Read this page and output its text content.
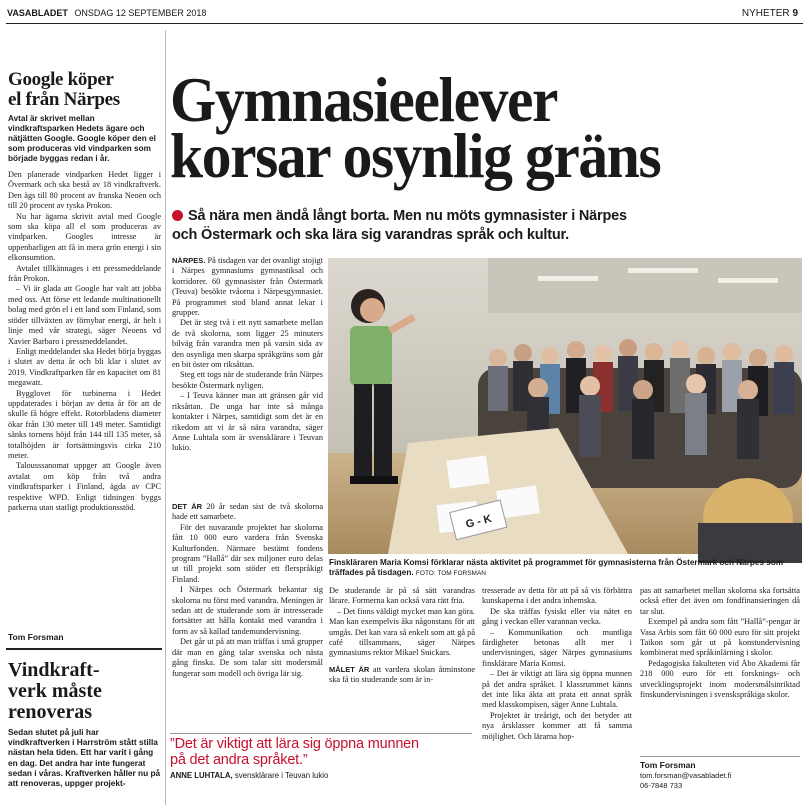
VASABLADET ONSDAG 12 SEPTEMBER 2018	NYHETER 9
Google köper
el från Närpes
Avtal är skrivet mellan vindkraftsparken Hedets ägare och nätjätten Google. Google köper den el som produceras vid vindparken som började byggas redan i år.

Den planerade vindparken Hedet ligger i Övermark och ska bestå av 18 vindkraftverk. Den ägs till 80 procent av franska Neoen och till 20 procent av tyska Prokon.

Nu har ägarna skrivit avtal med Google som ska köpa all el som produceras av vindparken. Googles intresse är uppenbarligen att få in mera grön energi i sin elkonsumtion.

Avtalet tillkännages i ett pressmeddelande från Prokon.

– Vi är glada att Google har valt att jobba med oss. Att förse ett ledande multinationellt bolag med grön el i ett land som Finland, som stöder tillväxten av förnybar energi, är helt i linje med vår strategi, säger Neoens vd Xavier Barbaro i pressmeddelandet.

Enligt meddelandet ska Hedet börja byggas i slutet av detta år och bli klar i slutet av 2019. Vindkraftparken får en kapacitet om 81 megawatt.

Bygglovet för turbinerna i Hedet uppdaterades i början av detta år för att de skulle få högre effekt. Rotorbladens diameter ökar från 130 meter till 149 meter. Samtidigt sänks tornens höjd från 144 till 135 meter, så totalhöjden är fortsättningsvis cirka 210 meter.

Talousssanomat uppger att Google även avtalat om köp från två andra vindkraftsparker i Finland, ägda av CPC respektive WPD. Enligt tidningen byggs parkerna utan statligt produktionsstöd.

Tom Forsman
Vindkraft-
verk måste
renoveras
Sedan slutet på juli har vindkraftverken i Harrström stått stilla nästan hela tiden. Ett har varit i gång en dag. Det andra har inte fungerat sedan i våras. Kraftverken håller nu på att renoveras, uppger projekt-
Gymnasieelever
korsar osynlig gräns
Så nära men ändå långt borta. Men nu möts gymnasister i Närpes
och Östermark och ska lära sig varandras språk och kultur.

NÄRPES. På tisdagen var det ovanligt stojigt i Närpes gymnasiums gymnastiksal och korridorer. 60 gymnasister från Östermark (Teuva) besökte tvåorna i Närpesgymnasiet. På programmet stod bland annat lekar i grupper.

Det är steg två i ett nytt samarbete mellan de två skolorna, som ligger 25 minuters bilväg från varandra men på varsin sida av den osynliga men skarpa språkgräns som går en bit öster om riksåttan.

Steg ett togs när de studerande från Närpes besökte Östermark nyligen.

– I Teuva känner man att gränsen går vid riksåttan. De unga har inte så många kontakter i Närpes, samtidigt som det är en rikedom att vi är så nära varandra, säger Anne Luhtala som är svensklärare i Teuvan lukio.

DET ÄR 20 år sedan sist de två skolorna hade ett samarbete.

För det nuvarande projektet har skolorna fått 10 000 euro vardera från Svenska Kulturfonden. Närmare bestämt fondens program ”Hallå” där sex miljoner euro delas ut till projekt som stöder ett flerspråkigt Finland.

I Närpes och Östermark bekantar sig skolorna nu först med varandra. Meningen är sedan att de studerande som är intresserade fortsätter att hålla kontakt med varandra i form av så kallad tandemundervisning.

Det går ut på att man träffas i små grupper där man en gång talar svenska och nästa gång finska. De som talar sitt modersmål fungerar som modell och övriga lär sig.

G - K
Finskläraren Maria Komsi förklarar nästa aktivitet på programmet för gymnasisterna från Östermark och Närpes som träffades på tisdagen. FOTO: TOM FORSMAN

De studerande är på så sätt varandras lärare. Formerna kan också vara rätt fria.

– Det finns väldigt mycket man kan göra. Man kan exempelvis åka någonstans för att umgås. Det kan vara så enkelt som att gå på café tillsammans, säger Närpes gymnasiums rektor Mikael Snickars.

MÅLET ÄR att vardera skolan åtminstone ska få tio studerande som är in-

tresserade av detta för att på så vis förbättra kunskaperna i det andra inhemska.

De ska träffas fysiskt eller via nätet en gång i veckan eller varannan vecka.

– Kommunikation och muntliga färdigheter betonas allt mer i undervisningen, säger Närpes gymnasiums finsklärare Maria Komsi.

– Det är viktigt att lära sig öppna munnen på det andra språket. I klassrummet känns det inte lika äkta att prata ett annat språk med klasskompisen, säger Anne Luhtala.

Projektet är treårigt, och det betyder att nya årsklasser kommer att få samma möjlighet. Och lärarna hop-

pas att samarbetet mellan skolorna ska fortsätta också efter det även om fondfinansieringen då tar slut.

Exempel på andra som fått ”Hallå”-pengar är Vasa Arbis som fått 60 000 euro för sitt projekt Taikon som går ut på konstundervisning kombinerat med språkinlärning i skolor.

Pedagogiska fakulteten vid Åbo Akademi får 218 000 euro för ett forsknings- och utvecklingsprojekt inom modersmålsinriktad finskundervisningen i svenskspråkiga skolor.

”Det är viktigt att lära sig öppna munnen
på det andra språket.”
ANNE LUHTALA, svensklärare i Teuvan lukio
Tom Forsman
tom.forsman@vasabladet.fi
06-7848 733
